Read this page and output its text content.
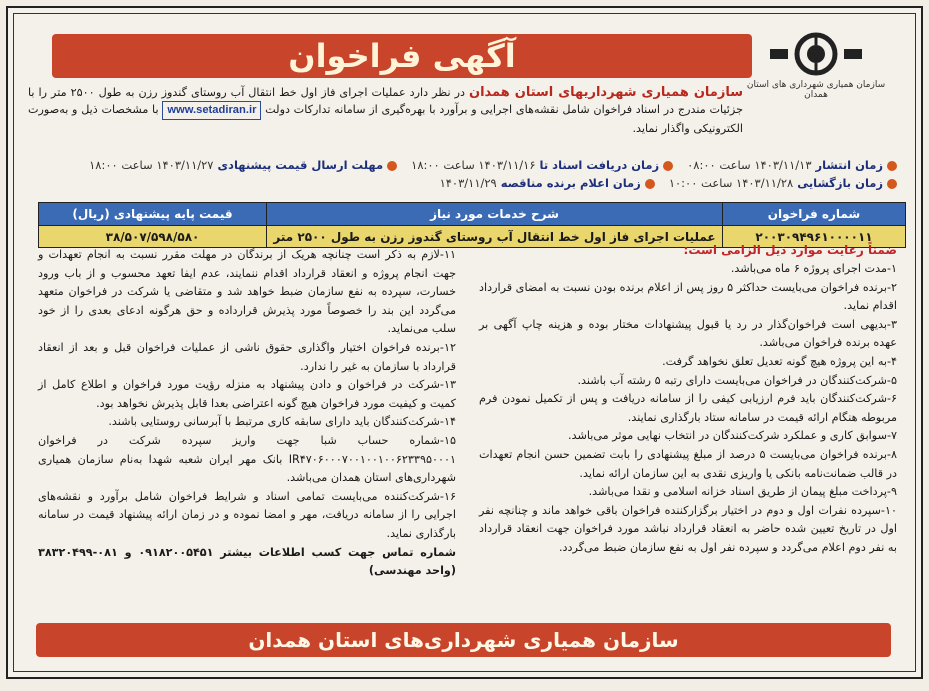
سازمان همیاری شهرداری های استان همدان
آگهی فراخوان
سازمان همیاری شهرداریهای استان همدان در نظر دارد عملیات اجرای فاز اول خط انتقال آب روستای گندوز رزن به طول ۲۵۰۰ متر را با جزئیات مندرج در اسناد فراخوان شامل نقشه‌های اجرایی و برآورد با بهره‌گیری از سامانه تدارکات دولت www.setadiran.ir با مشخصات ذیل و به‌صورت الکترونیکی واگذار نماید.
زمان انتشار ۱۴۰۳/۱۱/۱۳ ساعت ۰۸:۰۰ زمان دریافت اسناد تا ۱۴۰۳/۱۱/۱۶ ساعت ۱۸:۰۰ مهلت ارسال قیمت پیشنهادی ۱۴۰۳/۱۱/۲۷ ساعت ۱۸:۰۰
زمان بازگشایی ۱۴۰۳/۱۱/۲۸ ساعت ۱۰:۰۰ زمان اعلام برنده مناقصه ۱۴۰۳/۱۱/۲۹
شماره فراخوان	شرح خدمات مورد نیاز	قیمت پایه پیشنهادی (ریال)
۲۰۰۳۰۹۴۹۶۱۰۰۰۰۱۱	عملیات اجرای فاز اول خط انتقال آب روستای گندوز رزن به طول ۲۵۰۰ متر	۳۸/۵۰۷/۵۹۸/۵۸۰
ضمناً رعایت موارد ذیل الزامی است:

۱-مدت اجرای پروژه ۶ ماه می‌باشد.

۲-برنده فراخوان می‌بایست حداکثر ۵ روز پس از اعلام برنده بودن نسبت به امضای قرارداد اقدام نماید.

۳-بدیهی است فراخوان‌گذار در رد یا قبول پیشنهادات مختار بوده و هزینه چاپ آگهی بر عهده برنده فراخوان می‌باشد.

۴-به این پروژه هیچ گونه تعدیل تعلق نخواهد گرفت.

۵-شرکت‌کنندگان در فراخوان می‌بایست دارای رتبه ۵ رشته آب باشند.

۶-شرکت‌کنندگان باید فرم ارزیابی کیفی را از سامانه دریافت و پس از تکمیل نمودن فرم مربوطه هنگام ارائه قیمت در سامانه ستاد بارگذاری نمایند.

۷-سوابق کاری و عملکرد شرکت‌کنندگان در انتخاب نهایی موثر می‌باشد.

۸-برنده فراخوان می‌بایست ۵ درصد از مبلغ پیشنهادی را بابت تضمین حسن انجام تعهدات در قالب ضمانت‌نامه بانکی یا واریزی نقدی به این سازمان ارائه نماید.

۹-پرداخت مبلغ پیمان از طریق اسناد خزانه اسلامی و نقدا می‌باشد.

۱۰-سپرده نفرات اول و دوم در اختیار برگزارکننده فراخوان باقی خواهد ماند و چنانچه نفر اول در تاریخ تعیین شده حاضر به انعقاد قرارداد نباشد مورد فراخوان جهت انعقاد قرارداد به نفر دوم اعلام می‌گردد و سپرده نفر اول به نفع سازمان ضبط می‌گردد.

۱۱-لازم به ذکر است چنانچه هریک از برندگان در مهلت مقرر نسبت به انجام تعهدات و جهت انجام پروژه و انعقاد قرارداد اقدام ننمایند، عدم ایفا تعهد محسوب و از باب ورود خسارت، سپرده به نفع سازمان ضبط خواهد شد و متقاضی یا شرکت در فراخوان متعهد می‌گردد این بند را خصوصاً مورد پذیرش قرارداده و حق هرگونه ادعای بعدی را از خود سلب می‌نماید.

۱۲-برنده فراخوان اختیار واگذاری حقوق ناشی از عملیات فراخوان قبل و بعد از انعقاد قرارداد با سازمان به غیر را ندارد.

۱۳-شرکت در فراخوان و دادن پیشنهاد به منزله رؤیت مورد فراخوان و اطلاع کامل از کمیت و کیفیت مورد فراخوان هیچ گونه اعتراضی بعدا قابل پذیرش نخواهد بود.

۱۴-شرکت‌کنندگان باید دارای سابقه کاری مرتبط با آبرسانی روستایی باشند.

۱۵-شماره حساب شبا جهت واریز سپرده شرکت در فراخوان IR۴۷۰۶۰۰۰۷۰۰۱۰۰۱۰۰۶۲۳۳۹۵۰۰۰۱ بانک مهر ایران شعبه شهدا به‌نام سازمان همیاری شهرداری‌های استان همدان می‌باشد.

۱۶-شرکت‌کننده می‌بایست تمامی اسناد و شرایط فراخوان شامل برآورد و نقشه‌های اجرایی را از سامانه دریافت، مهر و امضا نموده و در زمان ارائه پیشنهاد قیمت در سامانه بارگذاری نماید.

شماره تماس جهت کسب اطلاعات بیشتر ۰۹۱۸۲۰۰۵۴۵۱ و ۰۸۱-۳۸۳۲۰۴۹۹ (واحد مهندسی)

سازمان همیاری شهرداری‌های استان همدان
